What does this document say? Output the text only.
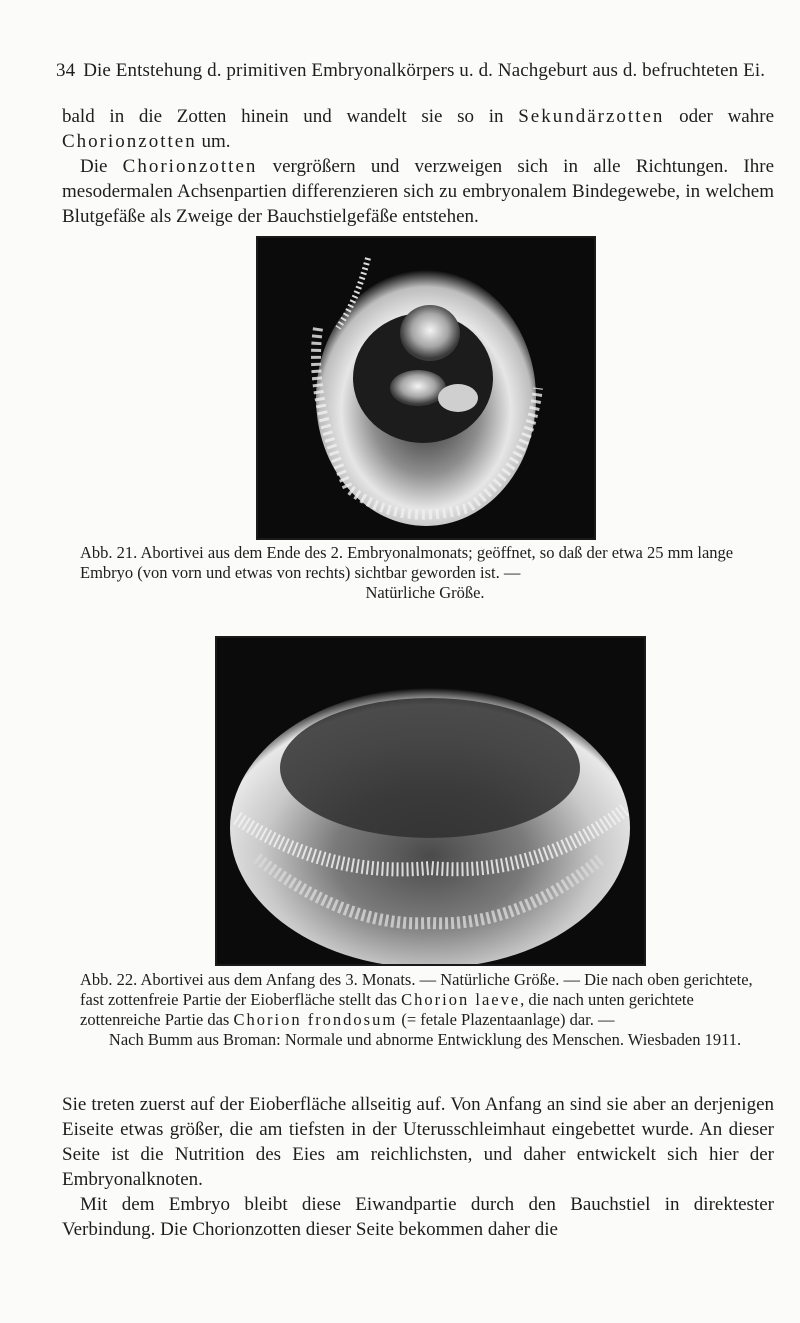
34 Die Entstehung d. primitiven Embryonalkörpers u. d. Nachgeburt aus d. befruchteten Ei.

bald in die Zotten hinein und wandelt sie so in Sekundärzotten oder wahre Chorionzotten um.

Die Chorionzotten vergrößern und verzweigen sich in alle Richtungen. Ihre mesodermalen Achsenpartien differenzieren sich zu embryonalem Bindegewebe, in welchem Blutgefäße als Zweige der Bauchstielgefäße entstehen.

Abb. 21. Abortivei aus dem Ende des 2. Embryonalmonats; geöffnet, so daß der etwa 25 mm lange Embryo (von vorn und etwas von rechts) sichtbar geworden ist. —
Natürliche Größe.

Abb. 22. Abortivei aus dem Anfang des 3. Monats. — Natürliche Größe. — Die nach oben gerichtete, fast zottenfreie Partie der Eioberfläche stellt das Chorion laeve, die nach unten gerichtete zottenreiche Partie das Chorion frondosum (= fetale Plazentaanlage) dar. —
Nach Bumm aus Broman: Normale und abnorme Entwicklung des Menschen. Wiesbaden 1911.

Sie treten zuerst auf der Eioberfläche allseitig auf. Von Anfang an sind sie aber an derjenigen Eiseite etwas größer, die am tiefsten in der Uterusschleimhaut eingebettet wurde. An dieser Seite ist die Nutrition des Eies am reichlichsten, und daher entwickelt sich hier der Embryonalknoten.

Mit dem Embryo bleibt diese Eiwandpartie durch den Bauchstiel in direktester Verbindung. Die Chorionzotten dieser Seite bekommen daher die
